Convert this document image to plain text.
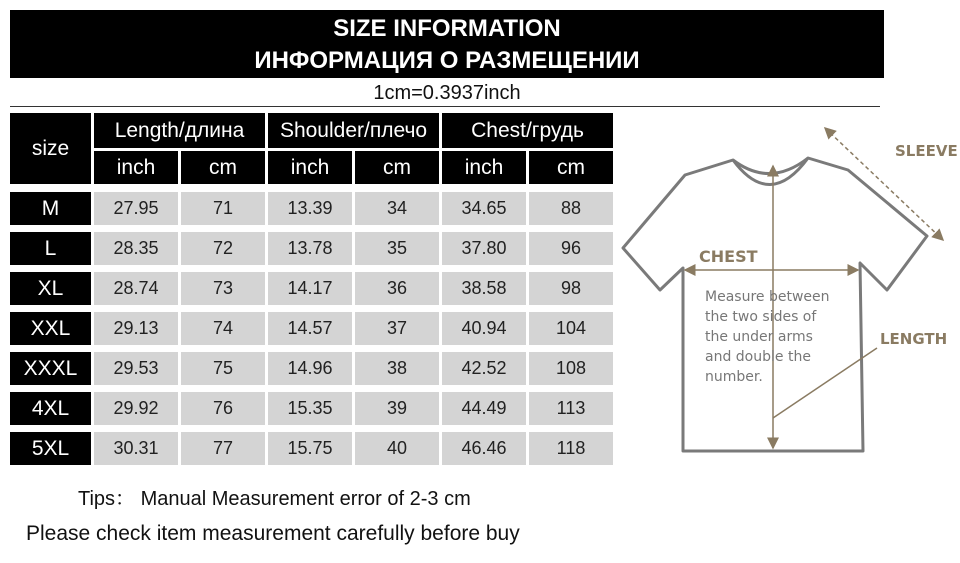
SIZE INFORMATION
ИНФОРМАЦИЯ О РАЗМЕЩЕНИИ
1cm=0.3937inch
size
Length/длина	Shoulder/плечо	Chest/грудь
inch	cm	inch	cm	inch	cm
M	27.95	71	13.39	34	34.65	88
L	28.35	72	13.78	35	37.80	96
XL	28.74	73	14.17	36	38.58	98
XXL	29.13	74	14.57	37	40.94	104
XXXL	29.53	75	14.96	38	42.52	108
4XL	29.92	76	15.35	39	44.49	113
5XL	30.31	77	15.75	40	46.46	118
SLEEVE
CHEST
LENGTH
Measure between
the two sides of
the under arms
and double the
number.
Tips： Manual Measurement error of 2-3 cm
Please check item measurement carefully before buy
